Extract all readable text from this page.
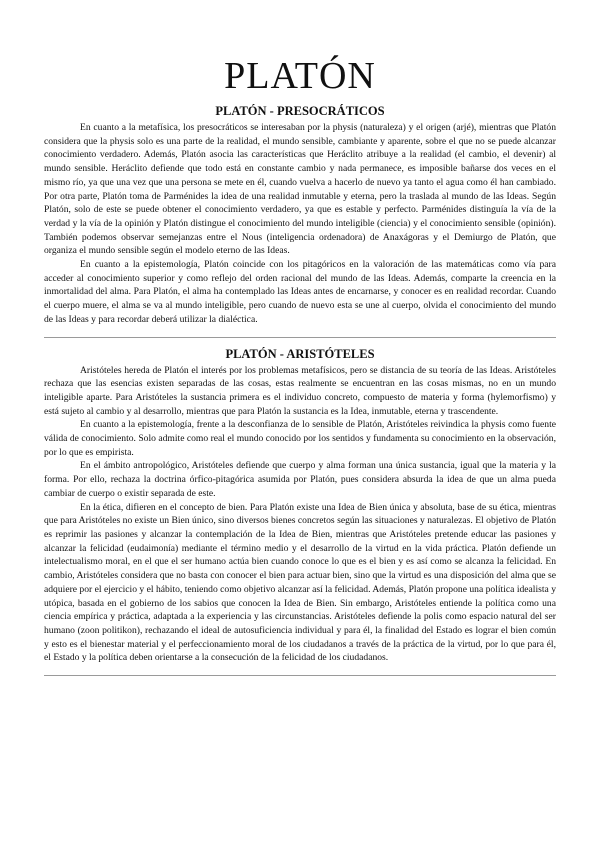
PLATÓN
PLATÓN - PRESOCRÁTICOS

En cuanto a la metafísica, los presocráticos se interesaban por la physis (naturaleza) y el origen (arjé), mientras que Platón considera que la physis solo es una parte de la realidad, el mundo sensible, cambiante y aparente, sobre el que no se puede alcanzar conocimiento verdadero. Además, Platón asocia las características que Heráclito atribuye a la realidad (el cambio, el devenir) al mundo sensible. Heráclito defiende que todo está en constante cambio y nada permanece, es imposible bañarse dos veces en el mismo río, ya que una vez que una persona se mete en él, cuando vuelva a hacerlo de nuevo ya tanto el agua como él han cambiado. Por otra parte, Platón toma de Parménides la idea de una realidad inmutable y eterna, pero la traslada al mundo de las Ideas. Según Platón, solo de este se puede obtener el conocimiento verdadero, ya que es estable y perfecto. Parménides distinguía la vía de la verdad y la vía de la opinión y Platón distingue el conocimiento del mundo inteligible (ciencia) y el conocimiento sensible (opinión). También podemos observar semejanzas entre el Nous (inteligencia ordenadora) de Anaxágoras y el Demiurgo de Platón, que organiza el mundo sensible según el modelo eterno de las Ideas.

En cuanto a la epistemología, Platón coincide con los pitagóricos en la valoración de las matemáticas como vía para acceder al conocimiento superior y como reflejo del orden racional del mundo de las Ideas. Además, comparte la creencia en la inmortalidad del alma. Para Platón, el alma ha contemplado las Ideas antes de encarnarse, y conocer es en realidad recordar. Cuando el cuerpo muere, el alma se va al mundo inteligible, pero cuando de nuevo esta se une al cuerpo, olvida el conocimiento del mundo de las Ideas y para recordar deberá utilizar la dialéctica.

PLATÓN - ARISTÓTELES

Aristóteles hereda de Platón el interés por los problemas metafísicos, pero se distancia de su teoría de las Ideas. Aristóteles rechaza que las esencias existen separadas de las cosas, estas realmente se encuentran en las cosas mismas, no en un mundo inteligible aparte. Para Aristóteles la sustancia primera es el individuo concreto, compuesto de materia y forma (hylemorfismo) y está sujeto al cambio y al desarrollo, mientras que para Platón la sustancia es la Idea, inmutable, eterna y trascendente.

En cuanto a la epistemología, frente a la desconfianza de lo sensible de Platón, Aristóteles reivindica la physis como fuente válida de conocimiento. Solo admite como real el mundo conocido por los sentidos y fundamenta su conocimiento en la observación, por lo que es empirista.

En el ámbito antropológico, Aristóteles defiende que cuerpo y alma forman una única sustancia, igual que la materia y la forma. Por ello, rechaza la doctrina órfico-pitagórica asumida por Platón, pues considera absurda la idea de que un alma pueda cambiar de cuerpo o existir separada de este.

En la ética, difieren en el concepto de bien. Para Platón existe una Idea de Bien única y absoluta, base de su ética, mientras que para Aristóteles no existe un Bien único, sino diversos bienes concretos según las situaciones y naturalezas. El objetivo de Platón es reprimir las pasiones y alcanzar la contemplación de la Idea de Bien, mientras que Aristóteles pretende educar las pasiones y alcanzar la felicidad (eudaimonía) mediante el término medio y el desarrollo de la virtud en la vida práctica. Platón defiende un intelectualismo moral, en el que el ser humano actúa bien cuando conoce lo que es el bien y es así como se alcanza la felicidad. En cambio, Aristóteles considera que no basta con conocer el bien para actuar bien, sino que la virtud es una disposición del alma que se adquiere por el ejercicio y el hábito, teniendo como objetivo alcanzar así la felicidad. Además, Platón propone una política idealista y utópica, basada en el gobierno de los sabios que conocen la Idea de Bien. Sin embargo, Aristóteles entiende la política como una ciencia empírica y práctica, adaptada a la experiencia y las circunstancias. Aristóteles defiende la polis como espacio natural del ser humano (zoon politikon), rechazando el ideal de autosuficiencia individual y para él, la finalidad del Estado es lograr el bien común y esto es el bienestar material y el perfeccionamiento moral de los ciudadanos a través de la práctica de la virtud, por lo que para él, el Estado y la política deben orientarse a la consecución de la felicidad de los ciudadanos.
